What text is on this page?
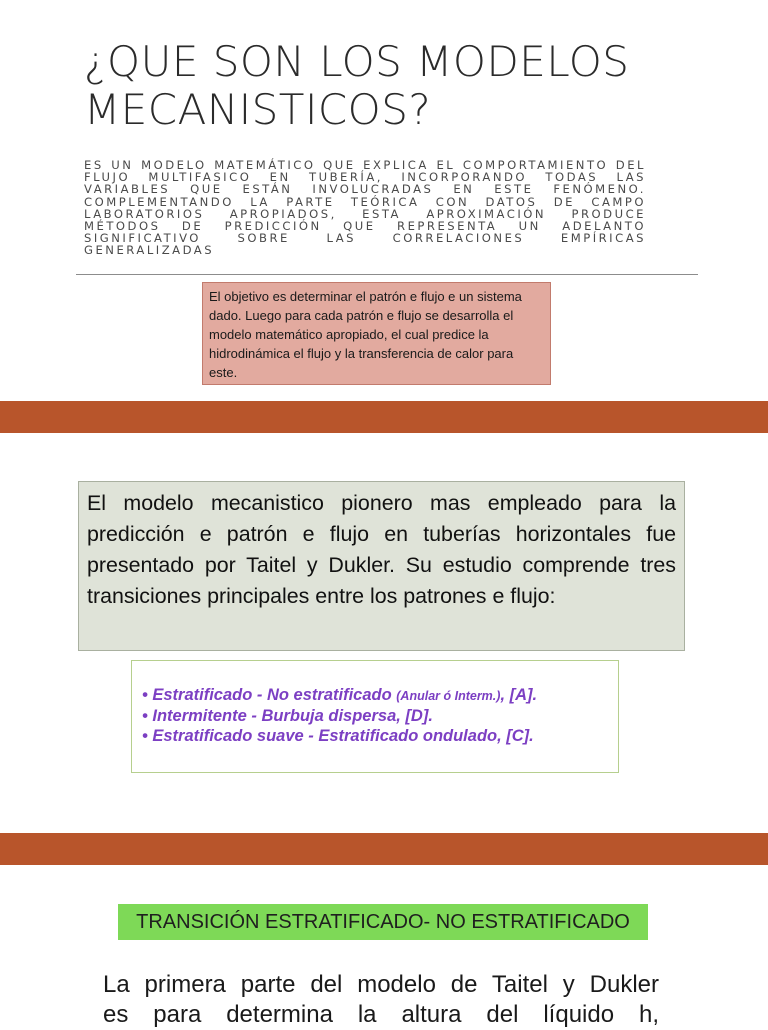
¿QUE SON LOS MODELOS
MECANISTICOS?
ES UN MODELO MATEMÁTICO QUE EXPLICA EL COMPORTAMIENTO DEL FLUJO MULTIFASICO EN TUBERÍA, INCORPORANDO TODAS LAS VARIABLES QUE ESTÁN INVOLUCRADAS EN ESTE FENÓMENO. COMPLEMENTANDO LA PARTE TEÓRICA CON DATOS DE CAMPO LABORATORIOS APROPIADOS, ESTA APROXIMACIÓN PRODUCE MÉTODOS DE PREDICCIÓN QUE REPRESENTA UN ADELANTO SIGNIFICATIVO SOBRE LAS CORRELACIONES EMPÍRICAS GENERALIZADAS
El objetivo es determinar el patrón e flujo e un sistema dado. Luego para cada patrón e flujo se desarrolla el modelo matemático apropiado, el cual predice la hidrodinámica el flujo y la transferencia de calor para este.
El modelo mecanistico pionero mas empleado para la predicción e patrón e flujo en tuberías horizontales fue presentado por Taitel y Dukler. Su estudio comprende tres transiciones principales entre los patrones e flujo:
• Estratificado - No estratificado (Anular ó Interm.), [A].
• Intermitente - Burbuja dispersa, [D].
• Estratificado suave - Estratificado ondulado, [C].
TRANSICIÓN ESTRATIFICADO- NO ESTRATIFICADO
La primera parte del modelo de Taitel y Dukler
es para determina la altura del líquido h,
